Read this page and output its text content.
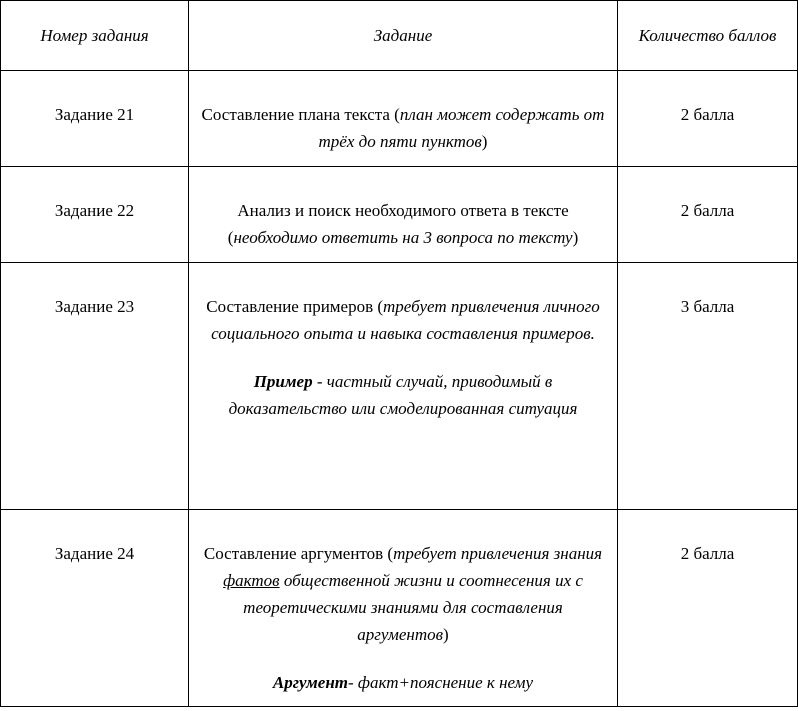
Номер задания	Задание	Количество баллов

Задание 21	Составление плана текста (план может содержать от трёх до пяти пунктов)	2 балла

Задание 22	Анализ и поиск необходимого ответа в тексте (необходимо ответить на 3 вопроса по тексту)	2 балла

Задание 23	Составление примеров (требует привлечения личного социального опыта и навыка составления примеров.
Пример - частный случай, приводимый в доказательство или смоделированная ситуация	3 балла

Задание 24	Составление аргументов (требует привлечения знания фактов общественной жизни и соотнесения их с теоретическими знаниями для составления аргументов)
Аргумент- факт+пояснение к нему	2 балла
